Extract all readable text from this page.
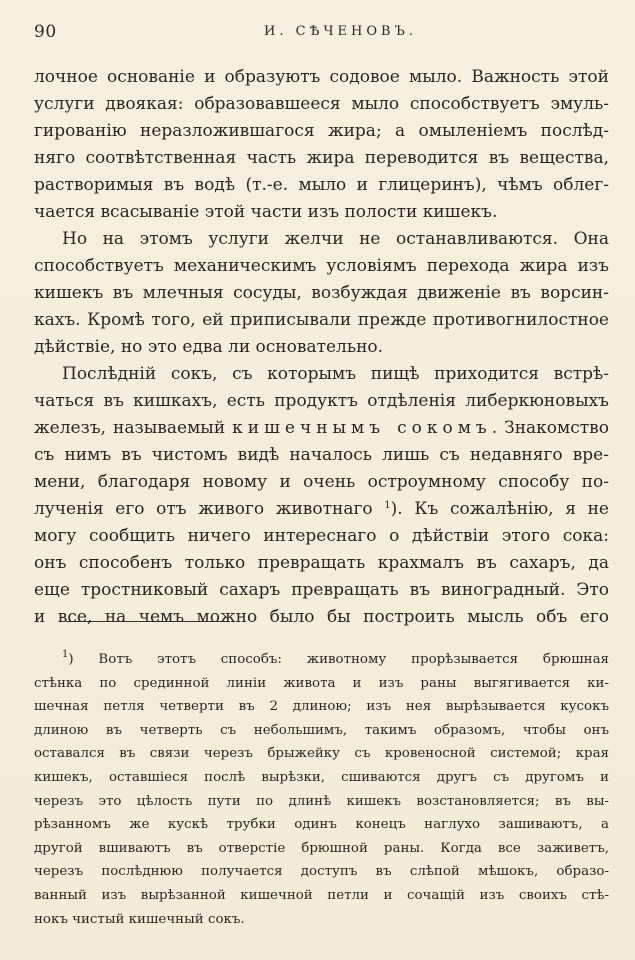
90	И. СѢЧЕНОВЪ.
лочное основаніе и образуютъ содовое мыло. Важность этой
услуги двоякая: образовавшееся мыло способствуетъ эмуль-
гированію неразложившагося жира; а омыленіемъ послѣд-
няго соотвѣтственная часть жира переводится въ вещества,
растворимыя въ водѣ (т.-е. мыло и глицеринъ), чѣмъ облег-
чается всасываніе этой части изъ полости кишекъ.
Но на этомъ услуги желчи не останавливаются. Она
способствуетъ механическимъ условіямъ перехода жира изъ
кишекъ въ млечныя сосуды, возбуждая движеніе въ ворсин-
кахъ. Кромѣ того, ей приписывали прежде противогнилостное
дѣйствіе, но это едва ли основательно.
Послѣдній сокъ, съ которымъ пищѣ приходится встрѣ-
чаться въ кишкахъ, есть продуктъ отдѣленія либеркюновыхъ
железъ, называемый кишечнымъ сокомъ. Знакомство
съ нимъ въ чистомъ видѣ началось лишь съ недавняго вре-
мени, благодаря новому и очень остроумному способу по-
лученія его отъ живого животнаго $^1$). Къ сожалѣнію, я не
могу сообщить ничего интереснаго о дѣйствіи этого сока:
онъ способенъ только превращать крахмалъ въ сахаръ, да
еще тростниковый сахаръ превращать въ виноградный. Это
и все, на чемъ можно было бы построить мысль объ его
$^1$) Вотъ этотъ способъ: животному прорѣзывается брюшная
стѣнка по срединной линіи живота и изъ раны выгягивается ки-
шечная петля четверти въ 2 длиною; изъ нея вырѣзывается кусокъ
длиною въ четверть съ небольшимъ, такимъ образомъ, чтобы онъ
оставался въ связи черезъ брыжейку съ кровеносной системой; края
кишекъ, оставшіеся послѣ вырѣзки, сшиваются другъ съ другомъ и
черезъ это цѣлость пути по длинѣ кишекъ возстановляется; въ вы-
рѣзанномъ же кускѣ трубки одинъ конецъ наглухо зашиваютъ, а
другой вшиваютъ въ отверстіе брюшной раны. Когда все заживетъ,
черезъ послѣднюю получается доступъ въ слѣпой мѣшокъ, образо-
ванный изъ вырѣзанной кишечной петли и сочащій изъ своихъ стѣ-
нокъ чистый кишечный сокъ.
